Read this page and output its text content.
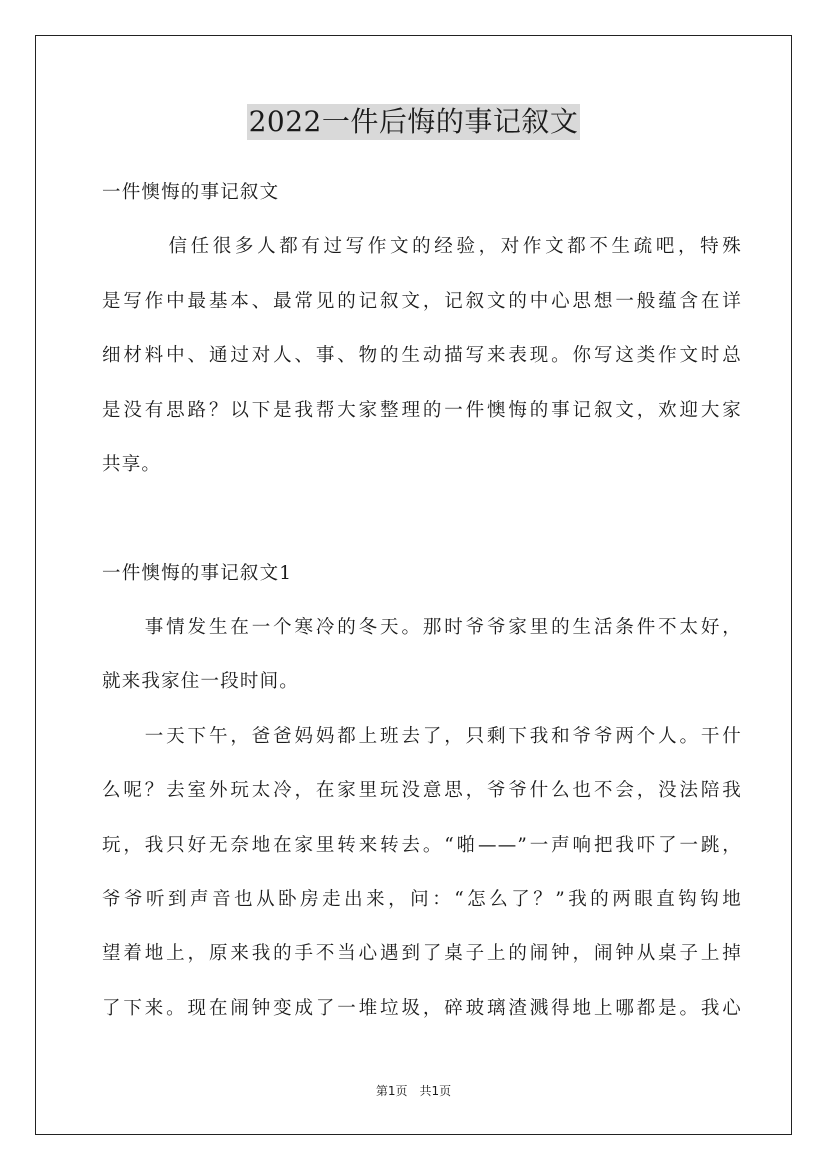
2022一件后悔的事记叙文
一件懊悔的事记叙文
　　　信任很多人都有过写作文的经验，对作文都不生疏吧，特殊
是写作中最基本、最常见的记叙文，记叙文的中心思想一般蕴含在详
细材料中、通过对人、事、物的生动描写来表现。你写这类作文时总
是没有思路？以下是我帮大家整理的一件懊悔的事记叙文，欢迎大家
共享。
一件懊悔的事记叙文1
　　事情发生在一个寒冷的冬天。那时爷爷家里的生活条件不太好，
就来我家住一段时间。
　　一天下午，爸爸妈妈都上班去了，只剩下我和爷爷两个人。干什
么呢？去室外玩太冷，在家里玩没意思，爷爷什么也不会，没法陪我
玩，我只好无奈地在家里转来转去。“啪——”一声响把我吓了一跳，
爷爷听到声音也从卧房走出来，问：“怎么了？”我的两眼直钩钩地
望着地上，原来我的手不当心遇到了桌子上的闹钟，闹钟从桌子上掉
了下来。现在闹钟变成了一堆垃圾，碎玻璃渣溅得地上哪都是。我心
第1页　共1页
